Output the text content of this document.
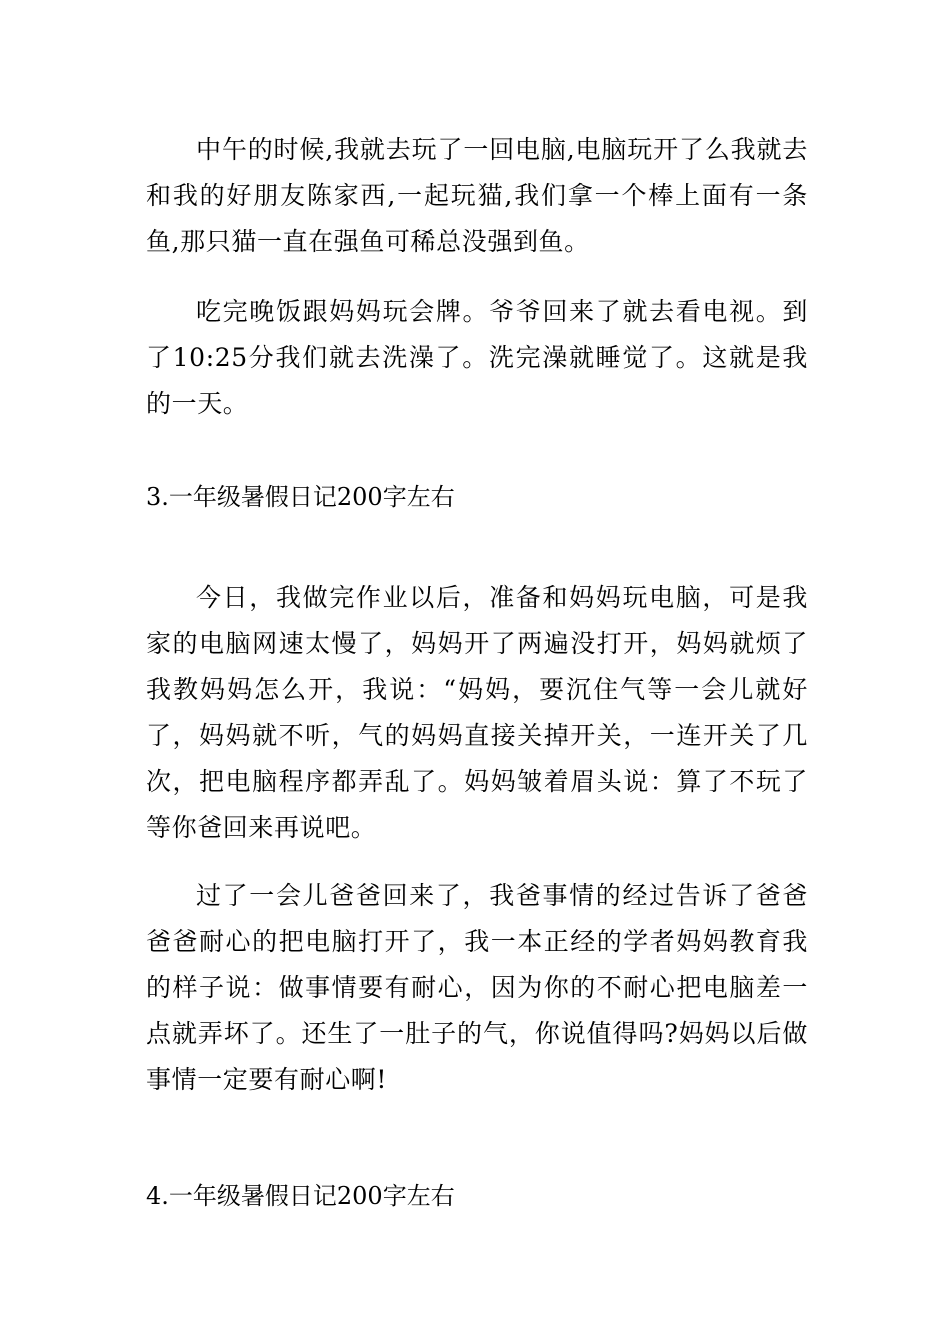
中午的时候,我就去玩了一回电脑,电脑玩开了么我就去和我的好朋友陈家西,一起玩猫,我们拿一个棒上面有一条鱼,那只猫一直在强鱼可稀总没强到鱼。

吃完晚饭跟妈妈玩会牌。爷爷回来了就去看电视。到了10:25分我们就去洗澡了。洗完澡就睡觉了。这就是我的一天。

3.一年级暑假日记200字左右

今日，我做完作业以后，准备和妈妈玩电脑，可是我家的电脑网速太慢了，妈妈开了两遍没打开，妈妈就烦了我教妈妈怎么开，我说：“妈妈，要沉住气等一会儿就好了，妈妈就不听，气的妈妈直接关掉开关，一连开关了几次，把电脑程序都弄乱了。妈妈皱着眉头说：算了不玩了等你爸回来再说吧。

过了一会儿爸爸回来了，我爸事情的经过告诉了爸爸爸爸耐心的把电脑打开了，我一本正经的学者妈妈教育我的样子说：做事情要有耐心，因为你的不耐心把电脑差一点就弄坏了。还生了一肚子的气，你说值得吗?妈妈以后做事情一定要有耐心啊!

4.一年级暑假日记200字左右
